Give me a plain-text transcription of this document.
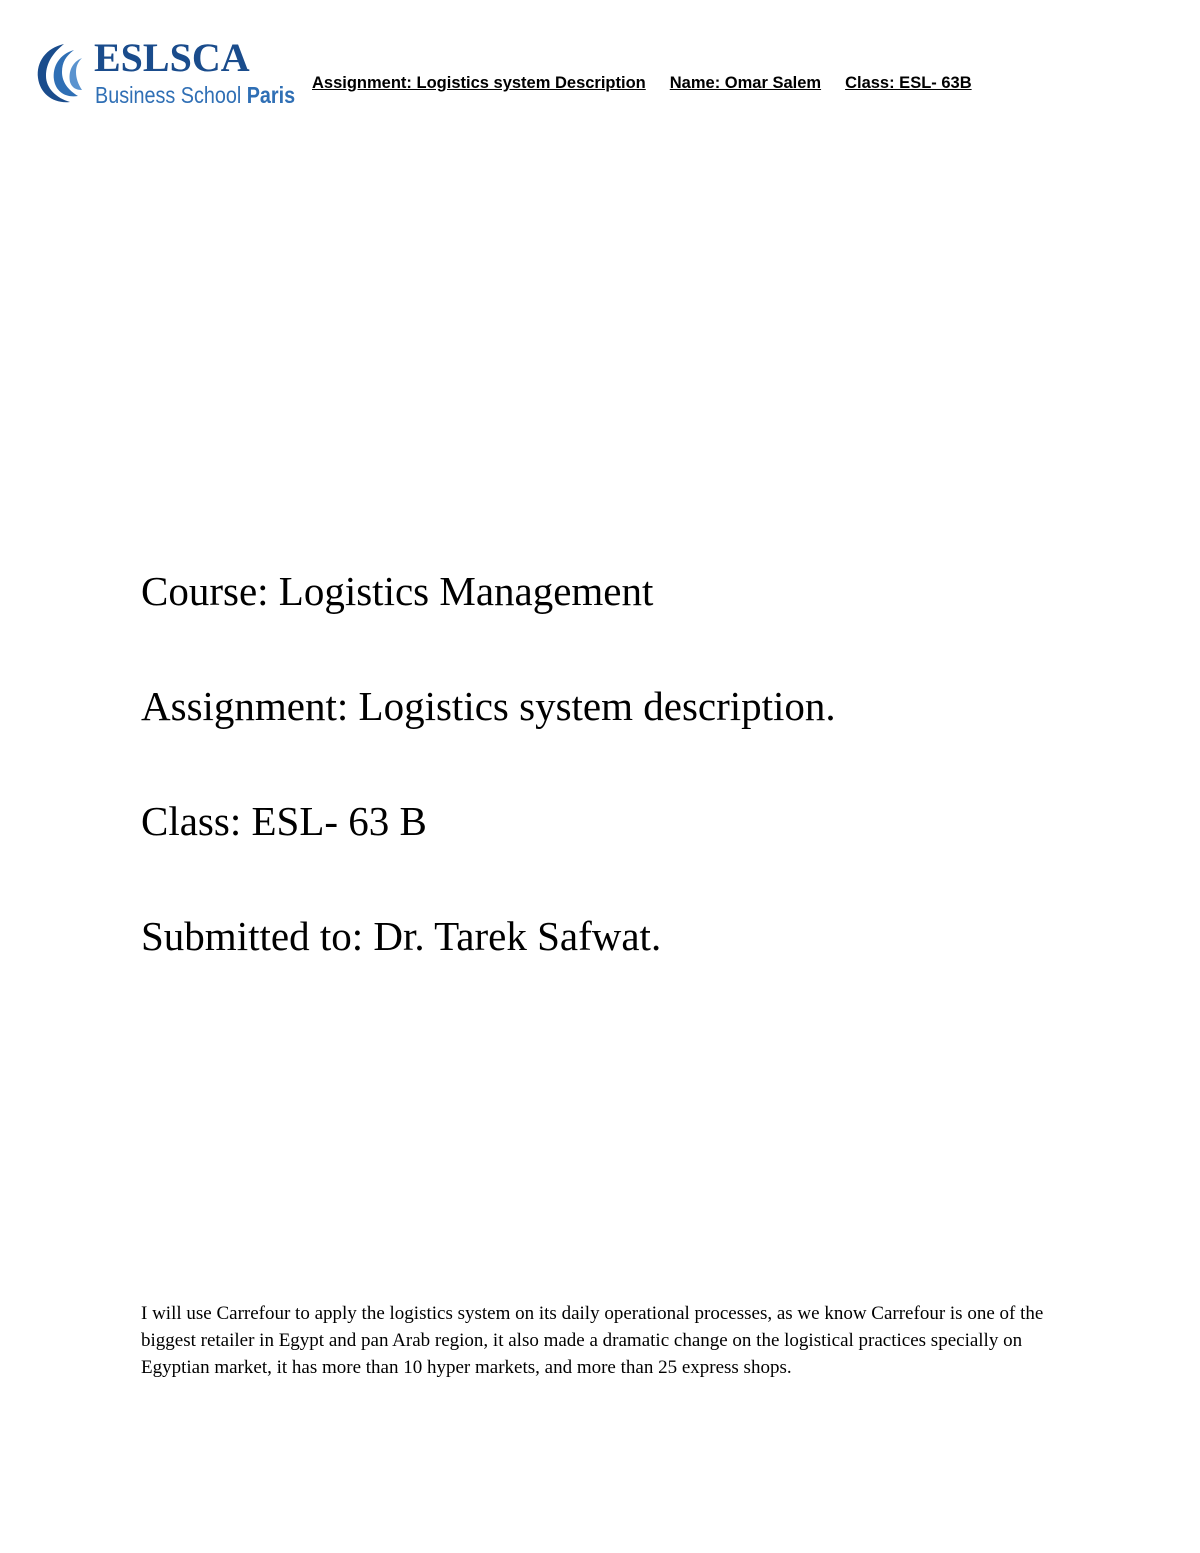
ESLSCA
Business School Paris Assignment: Logistics system Description Name: Omar Salem Class: ESL- 63B
Course: Logistics Management
Assignment: Logistics system description.
Class: ESL- 63 B
Submitted to: Dr. Tarek Safwat.

I will use Carrefour to apply the logistics system on its daily operational processes, as we know Carrefour is one of the biggest retailer in Egypt and pan Arab region, it also made a dramatic change on the logistical practices specially on Egyptian market, it has more than 10 hyper markets, and more than 25 express shops.
